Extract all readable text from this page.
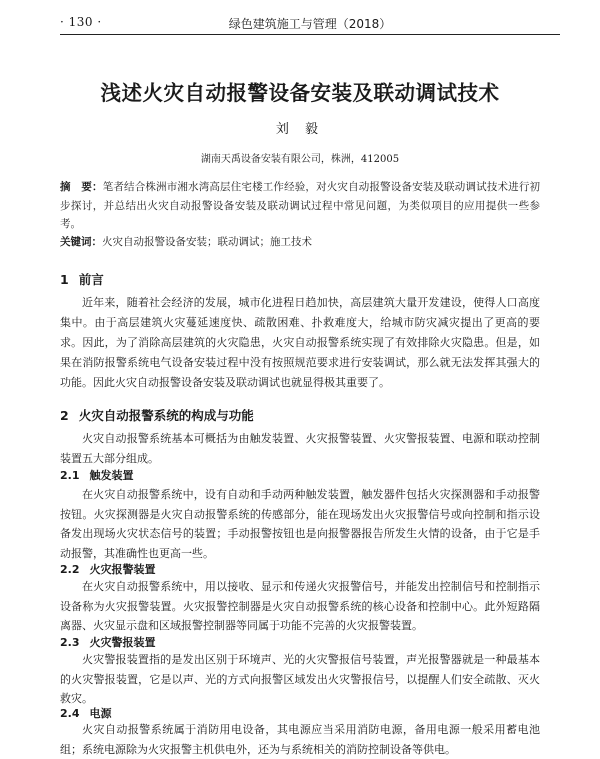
· 130 ·	绿色建筑施工与管理（2018）
浅述火灾自动报警设备安装及联动调试技术
刘 毅
湖南天禹设备安装有限公司，株洲，412005
摘　要：笔者结合株洲市湘水湾高层住宅楼工作经验，对火灾自动报警设备安装及联动调试技术进行初步探讨，并总结出火灾自动报警设备安装及联动调试过程中常见问题，为类似项目的应用提供一些参考。
关键词：火灾自动报警设备安装；联动调试；施工技术
1 前言
近年来，随着社会经济的发展，城市化进程日趋加快，高层建筑大量开发建设，使得人口高度集中。由于高层建筑火灾蔓延速度快、疏散困难、扑救难度大，给城市防灾减灾提出了更高的要求。因此，为了消除高层建筑的火灾隐患，火灾自动报警系统实现了有效排除火灾隐患。但是，如果在消防报警系统电气设备安装过程中没有按照规范要求进行安装调试，那么就无法发挥其强大的功能。因此火灾自动报警设备安装及联动调试也就显得极其重要了。
2 火灾自动报警系统的构成与功能
火灾自动报警系统基本可概括为由触发装置、火灾报警装置、火灾警报装置、电源和联动控制装置五大部分组成。
2.1 触发装置
在火灾自动报警系统中，设有自动和手动两种触发装置，触发器件包括火灾探测器和手动报警按钮。火灾探测器是火灾自动报警系统的传感部分，能在现场发出火灾报警信号或向控制和指示设备发出现场火灾状态信号的装置；手动报警按钮也是向报警器报告所发生火情的设备，由于它是手动报警，其准确性也更高一些。
2.2 火灾报警装置
在火灾自动报警系统中，用以接收、显示和传递火灾报警信号，并能发出控制信号和控制指示设备称为火灾报警装置。火灾报警控制器是火灾自动报警系统的核心设备和控制中心。此外短路隔离器、火灾显示盘和区域报警控制器等同属于功能不完善的火灾报警装置。
2.3 火灾警报装置
火灾警报装置指的是发出区别于环境声、光的火灾警报信号装置，声光报警器就是一种最基本的火灾警报装置，它是以声、光的方式向报警区域发出火灾警报信号，以提醒人们安全疏散、灭火救灾。
2.4 电源
火灾自动报警系统属于消防用电设备，其电源应当采用消防电源，备用电源一般采用蓄电池组；系统电源除为火灾报警主机供电外，还为与系统相关的消防控制设备等供电。
